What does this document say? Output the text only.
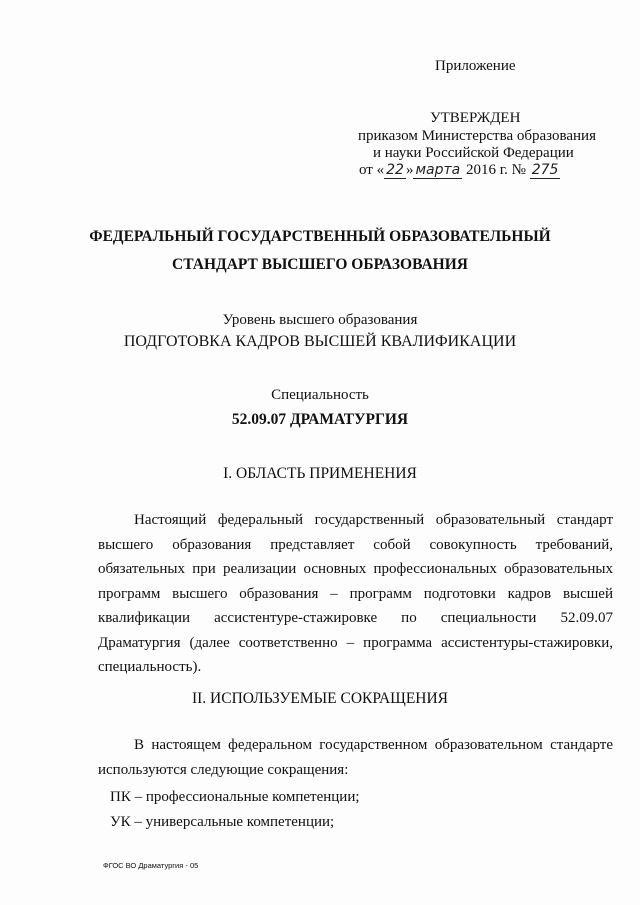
Приложение
УТВЕРЖДЕН
приказом Министерства образования
и науки Российской Федерации
от « 22 » марта 2016 г. № 275
ФЕДЕРАЛЬНЫЙ ГОСУДАРСТВЕННЫЙ ОБРАЗОВАТЕЛЬНЫЙ
СТАНДАРТ ВЫСШЕГО ОБРАЗОВАНИЯ
Уровень высшего образования
ПОДГОТОВКА КАДРОВ ВЫСШЕЙ КВАЛИФИКАЦИИ
Специальность
52.09.07 ДРАМАТУРГИЯ
I. ОБЛАСТЬ ПРИМЕНЕНИЯ
Настоящий федеральный государственный образовательный стандарт высшего образования представляет собой совокупность требований, обязательных при реализации основных профессиональных образовательных программ высшего образования – программ подготовки кадров высшей квалификации ассистентуре-стажировке по специальности 52.09.07 Драматургия (далее соответственно – программа ассистентуры-стажировки, специальность).
II. ИСПОЛЬЗУЕМЫЕ СОКРАЩЕНИЯ
В настоящем федеральном государственном образовательном стандарте используются следующие сокращения:
ПК – профессиональные компетенции;
УК – универсальные компетенции;
ФГОС ВО Драматургия - 05
